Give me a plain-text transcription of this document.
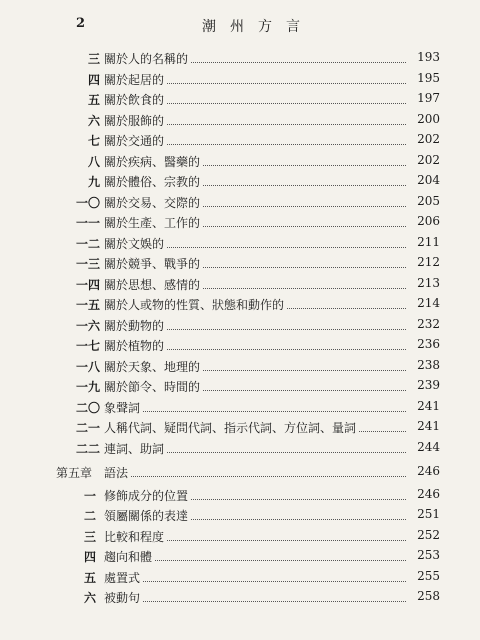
2	潮州方言
三 關於人的名稱的	193
四 關於起居的	195
五 關於飲食的	197
六 關於服飾的	200
七 關於交通的	202
八 關於疾病、醫藥的	202
九 關於體俗、宗教的	204
一〇 關於交易、交際的	205
一一 關於生產、工作的	206
一二 關於文娛的	211
一三 關於競爭、戰爭的	212
一四 關於思想、感情的	213
一五 關於人或物的性質、狀態和動作的	214
一六 關於動物的	232
一七 關於植物的	236
一八 關於天象、地理的	238
一九 關於節令、時間的	239
二〇 象聲詞	241
二一 人稱代詞、疑問代詞、指示代詞、方位詞、量詞	241
二二 連詞、助詞	244
第五章 語法	246
一 修飾成分的位置	246
二 領屬關係的表達	251
三 比較和程度	252
四 趨向和體	253
五 處置式	255
六 被動句	258
